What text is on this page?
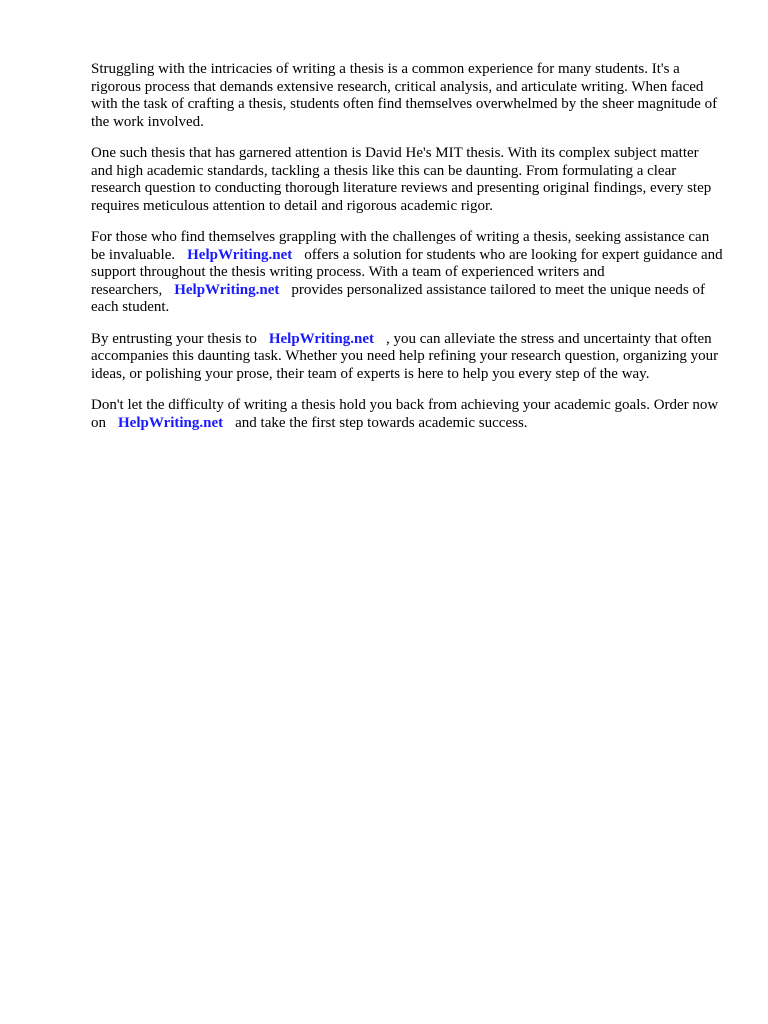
Struggling with the intricacies of writing a thesis is a common experience for many students. It's a rigorous process that demands extensive research, critical analysis, and articulate writing. When faced with the task of crafting a thesis, students often find themselves overwhelmed by the sheer magnitude of the work involved.

One such thesis that has garnered attention is David He's MIT thesis. With its complex subject matter and high academic standards, tackling a thesis like this can be daunting. From formulating a clear research question to conducting thorough literature reviews and presenting original findings, every step requires meticulous attention to detail and rigorous academic rigor.

For those who find themselves grappling with the challenges of writing a thesis, seeking assistance can be invaluable. HelpWriting.net offers a solution for students who are looking for expert guidance and support throughout the thesis writing process. With a team of experienced writers and researchers, HelpWriting.net provides personalized assistance tailored to meet the unique needs of each student.

By entrusting your thesis to HelpWriting.net , you can alleviate the stress and uncertainty that often accompanies this daunting task. Whether you need help refining your research question, organizing your ideas, or polishing your prose, their team of experts is here to help you every step of the way.

Don't let the difficulty of writing a thesis hold you back from achieving your academic goals. Order now on HelpWriting.net and take the first step towards academic success.
